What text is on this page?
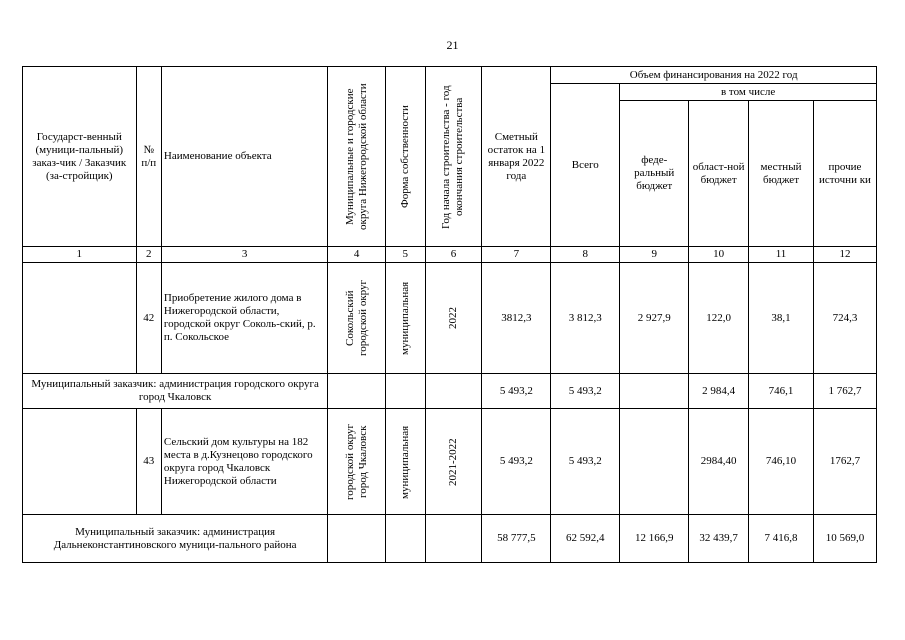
21
Государст-венный (муници-пальный) заказ-чик / Заказчик (за-стройщик)	№ п/п	Наименование объекта	Муниципальные и городские округа Нижегородской области	Форма собственности	Год начала строительства - год окончания строительства	Сметный остаток на 1 января 2022 года	Объем финансирования на 2022 год				
							Всего	в том числе			
								феде-ральный бюджет	област-ной бюджет	местный бюджет	прочие источни ки
1	2	3	4	5	6	7	8	9	10	11	12
	42	Приобретение жилого дома в Нижегородской области, городской округ Соколь-ский, р. п. Сокольское	Сокольский городской округ	муниципальная	2022	3812,3	3 812,3	2 927,9	122,0	38,1	724,3
Муниципальный заказчик: администрация городского округа город Чкаловск						5 493,2	5 493,2		2 984,4	746,1	1 762,7
	43	Сельский дом культуры на 182 места в д.Кузнецово городского округа город Чкаловск Нижегородской области	городской округ город Чкаловск	муниципальная	2021-2022	5 493,2	5 493,2		2984,40	746,10	1762,7
Муниципальный заказчик: администрация Дальнеконстантиновского муници-пального района						58 777,5	62 592,4	12 166,9	32 439,7	7 416,8	10 569,0
